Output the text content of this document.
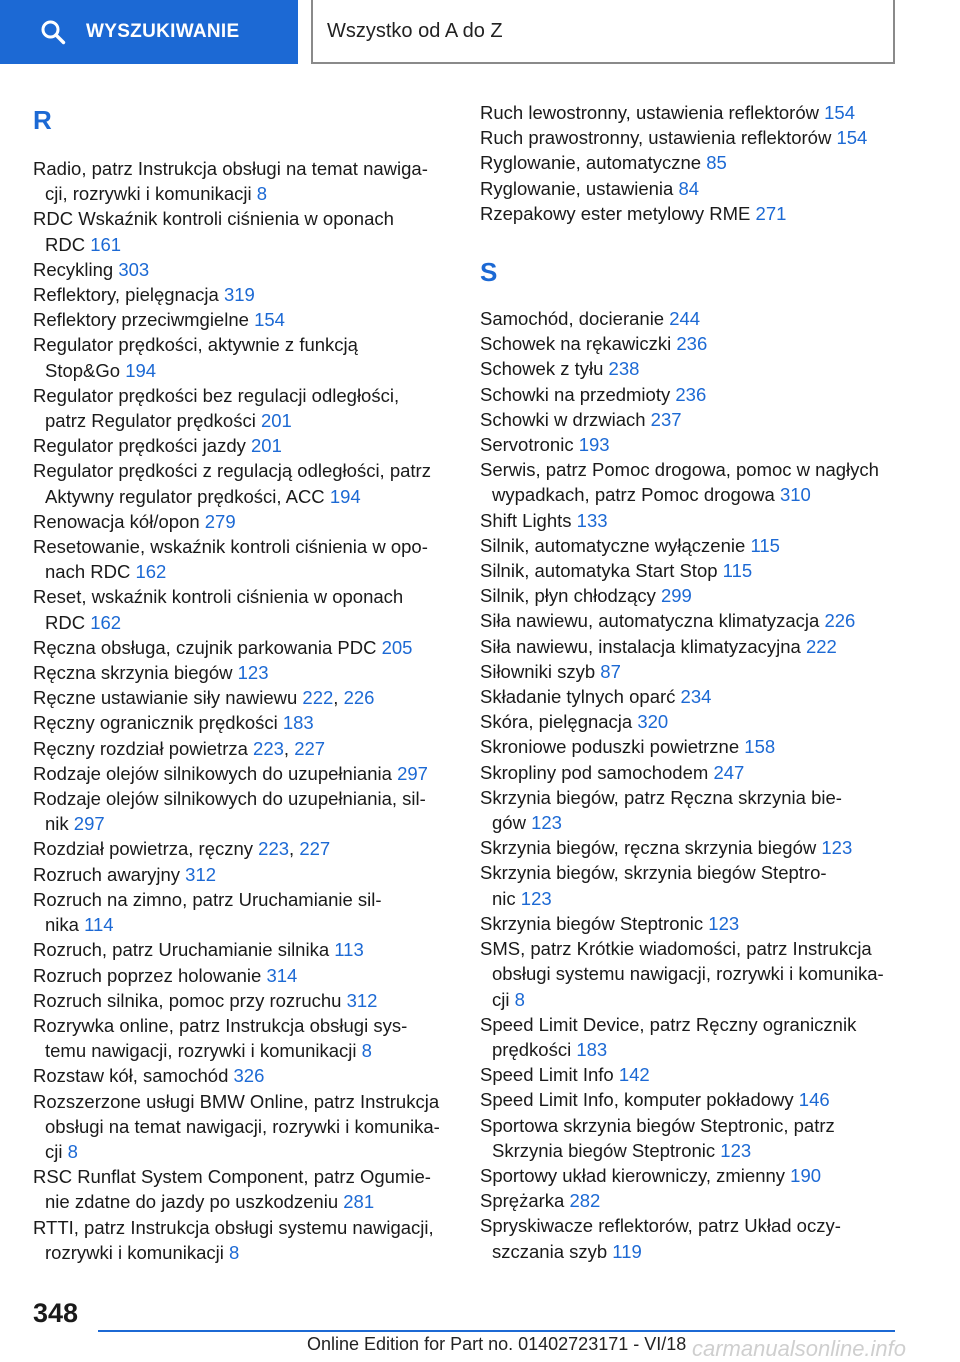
WYSZUKIWANIE	Wszystko od A do Z
R
Radio, patrz Instrukcja obsługi na temat nawiga-
cji, rozrywki i komunikacji 8
RDC Wskaźnik kontroli ciśnienia w oponach
RDC 161
Recykling 303
Reflektory, pielęgnacja 319
Reflektory przeciwmgielne 154
Regulator prędkości, aktywnie z funkcją
Stop&Go 194
Regulator prędkości bez regulacji odległości,
patrz Regulator prędkości 201
Regulator prędkości jazdy 201
Regulator prędkości z regulacją odległości, patrz
Aktywny regulator prędkości, ACC 194
Renowacja kół/opon 279
Resetowanie, wskaźnik kontroli ciśnienia w opo-
nach RDC 162
Reset, wskaźnik kontroli ciśnienia w oponach
RDC 162
Ręczna obsługa, czujnik parkowania PDC 205
Ręczna skrzynia biegów 123
Ręczne ustawianie siły nawiewu 222, 226
Ręczny ogranicznik prędkości 183
Ręczny rozdział powietrza 223, 227
Rodzaje olejów silnikowych do uzupełniania 297
Rodzaje olejów silnikowych do uzupełniania, sil-
nik 297
Rozdział powietrza, ręczny 223, 227
Rozruch awaryjny 312
Rozruch na zimno, patrz Uruchamianie sil-
nika 114
Rozruch, patrz Uruchamianie silnika 113
Rozruch poprzez holowanie 314
Rozruch silnika, pomoc przy rozruchu 312
Rozrywka online, patrz Instrukcja obsługi sys-
temu nawigacji, rozrywki i komunikacji 8
Rozstaw kół, samochód 326
Rozszerzone usługi BMW Online, patrz Instrukcja
obsługi na temat nawigacji, rozrywki i komunika-
cji 8
RSC Runflat System Component, patrz Ogumie-
nie zdatne do jazdy po uszkodzeniu 281
RTTI, patrz Instrukcja obsługi systemu nawigacji,
rozrywki i komunikacji 8
Ruch lewostronny, ustawienia reflektorów 154
Ruch prawostronny, ustawienia reflektorów 154
Ryglowanie, automatyczne 85
Ryglowanie, ustawienia 84
Rzepakowy ester metylowy RME 271
S
Samochód, docieranie 244
Schowek na rękawiczki 236
Schowek z tyłu 238
Schowki na przedmioty 236
Schowki w drzwiach 237
Servotronic 193
Serwis, patrz Pomoc drogowa, pomoc w nagłych
wypadkach, patrz Pomoc drogowa 310
Shift Lights 133
Silnik, automatyczne wyłączenie 115
Silnik, automatyka Start Stop 115
Silnik, płyn chłodzący 299
Siła nawiewu, automatyczna klimatyzacja 226
Siła nawiewu, instalacja klimatyzacyjna 222
Siłowniki szyb 87
Składanie tylnych oparć 234
Skóra, pielęgnacja 320
Skroniowe poduszki powietrzne 158
Skropliny pod samochodem 247
Skrzynia biegów, patrz Ręczna skrzynia bie-
gów 123
Skrzynia biegów, ręczna skrzynia biegów 123
Skrzynia biegów, skrzynia biegów Steptro-
nic 123
Skrzynia biegów Steptronic 123
SMS, patrz Krótkie wiadomości, patrz Instrukcja
obsługi systemu nawigacji, rozrywki i komunika-
cji 8
Speed Limit Device, patrz Ręczny ogranicznik
prędkości 183
Speed Limit Info 142
Speed Limit Info, komputer pokładowy 146
Sportowa skrzynia biegów Steptronic, patrz
Skrzynia biegów Steptronic 123
Sportowy układ kierowniczy, zmienny 190
Sprężarka 282
Spryskiwacze reflektorów, patrz Układ oczy-
szczania szyb 119
348
Online Edition for Part no. 01402723171 - VI/18 carmanualsonline.info
